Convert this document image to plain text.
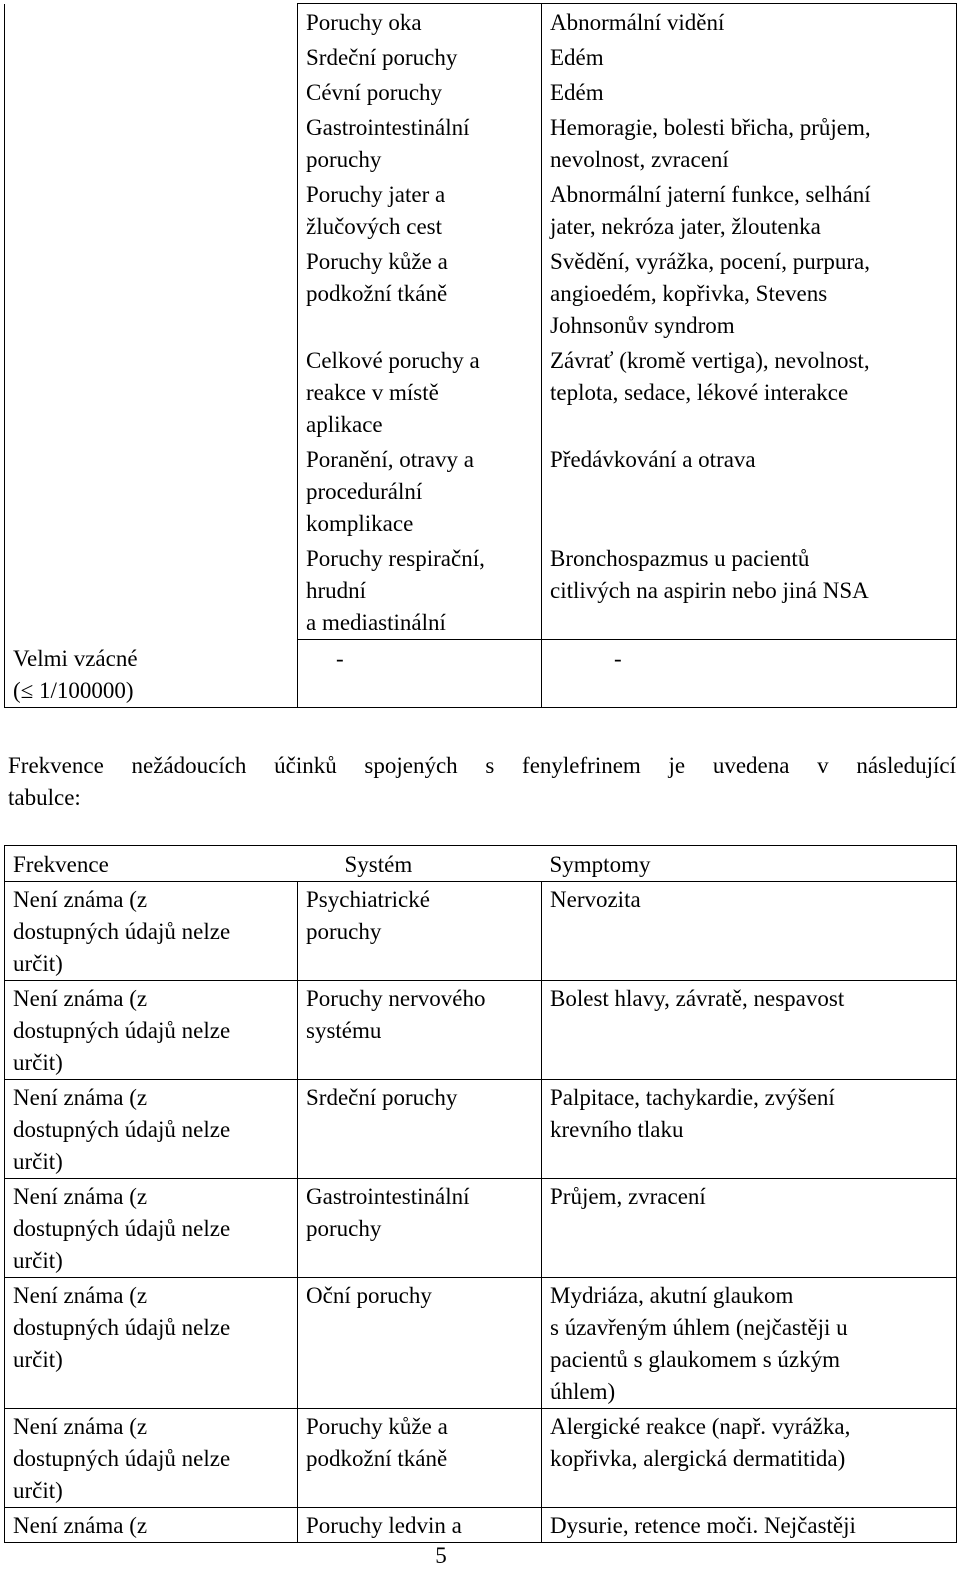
	Poruchy oka	Abnormální vidění

	Srdeční poruchy	Edém

	Cévní poruchy	Edém

	Gastrointestinální
poruchy	Hemoragie, bolesti břicha, průjem,
nevolnost, zvracení

	Poruchy jater a
žlučových cest	Abnormální jaterní funkce, selhání
jater, nekróza jater, žloutenka

	Poruchy kůže a
podkožní tkáně	Svědění, vyrážka, pocení, purpura,
angioedém, kopřivka, Stevens
Johnsonův syndrom

	Celkové poruchy a
reakce v místě
aplikace	Závrať (kromě vertiga), nevolnost,
teplota, sedace, lékové interakce

	Poranění, otravy a
procedurální
komplikace	Předávkování a otrava

	Poruchy respirační,
hrudní
a mediastinální	Bronchospazmus u pacientů
citlivých na aspirin nebo jiná NSA

Velmi vzácné
(≤ 1/100000)	-	-
Frekvence nežádoucích účinků spojených s fenylefrinem je uvedena v následující
tabulce:
Frekvence	Systém	Symptomy

Není známa (z
dostupných údajů nelze
určit)	Psychiatrické
poruchy	Nervozita

Není známa (z
dostupných údajů nelze
určit)	Poruchy nervového
systému	Bolest hlavy, závratě, nespavost

Není známa (z
dostupných údajů nelze
určit)	Srdeční poruchy	Palpitace, tachykardie, zvýšení
krevního tlaku

Není známa (z
dostupných údajů nelze
určit)	Gastrointestinální
poruchy	Průjem, zvracení

Není známa (z
dostupných údajů nelze
určit)	Oční poruchy	Mydriáza, akutní glaukom
s úzavřeným úhlem (nejčastěji u
pacientů s glaukomem s úzkým
úhlem)

Není známa (z
dostupných údajů nelze
určit)	Poruchy kůže a
podkožní tkáně	Alergické reakce (např. vyrážka,
kopřivka, alergická dermatitida)

Není známa (z	Poruchy ledvin a	Dysurie, retence moči. Nejčastěji
5
